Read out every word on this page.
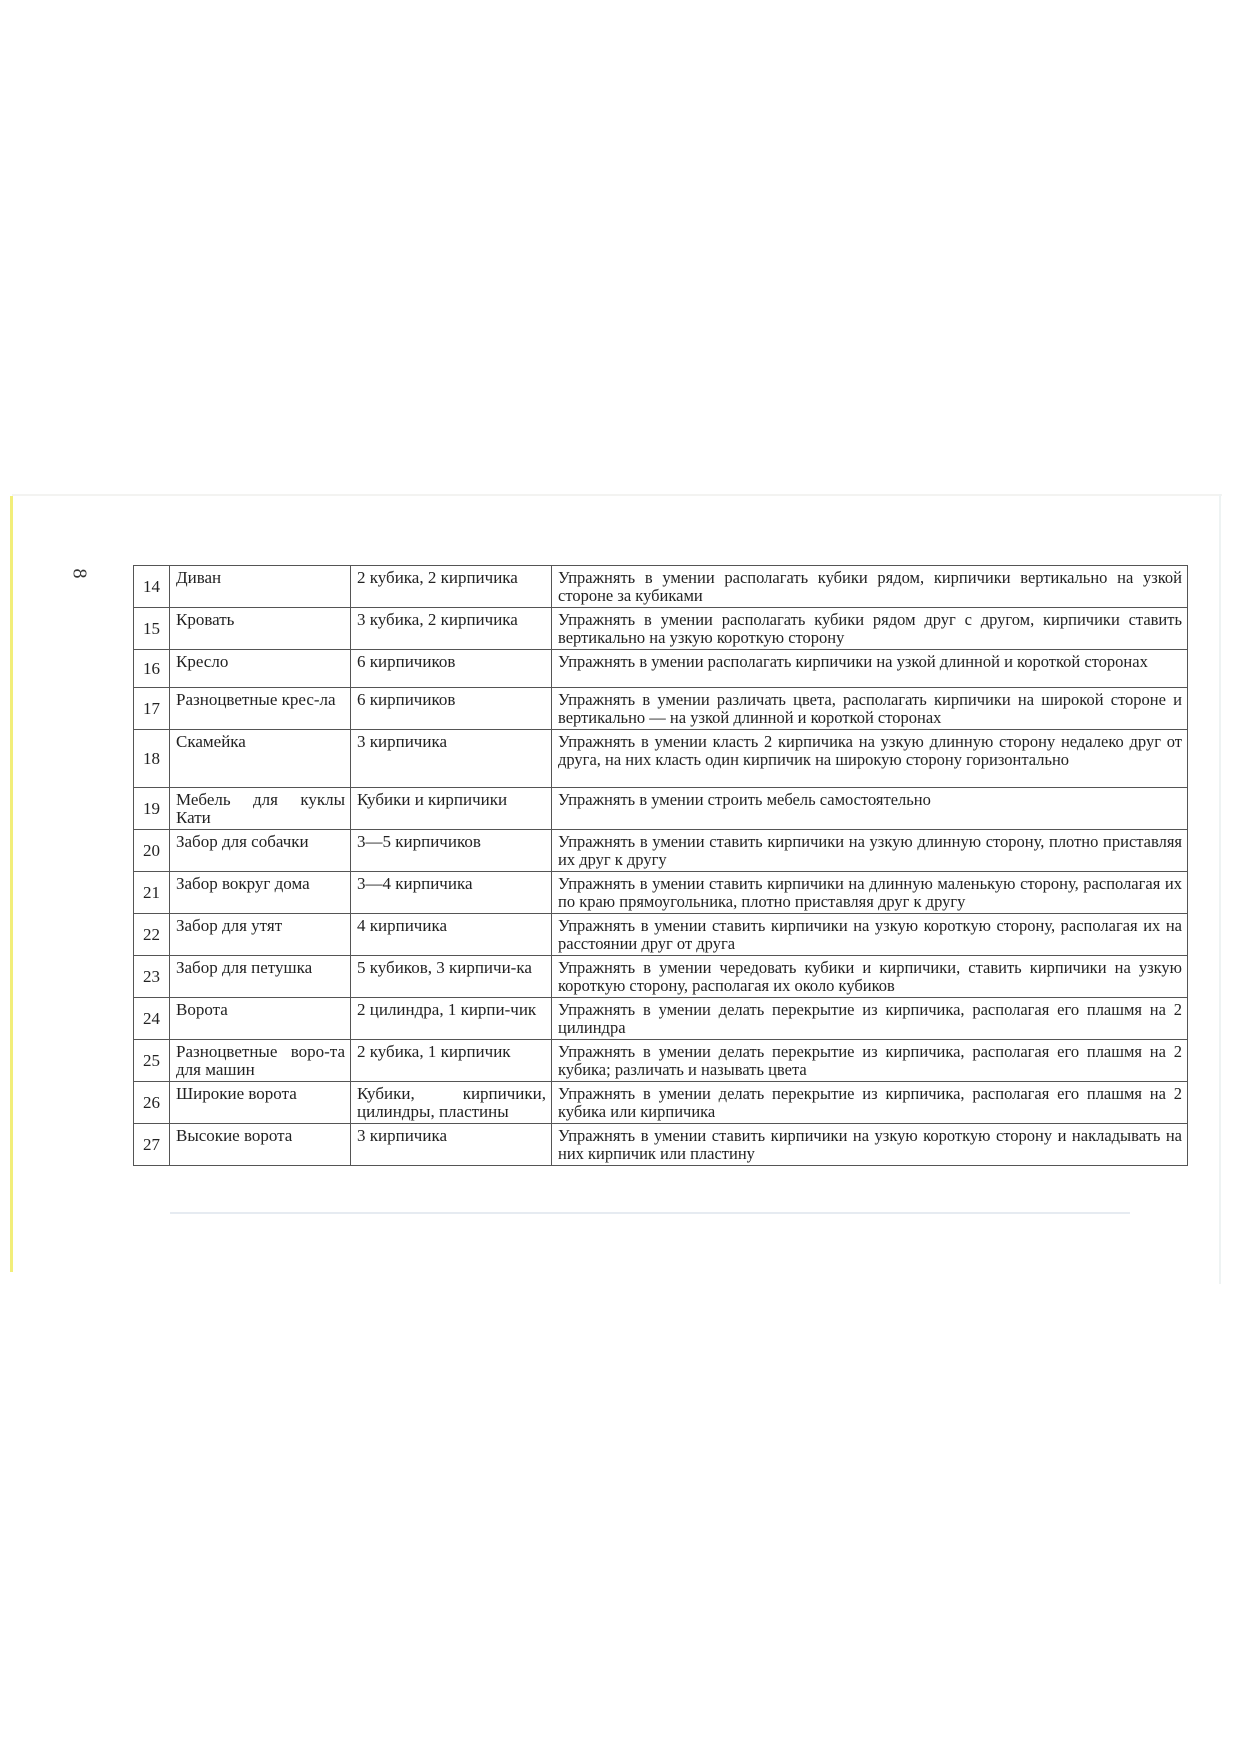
8
14	Диван	2 кубика, 2 кирпичика	Упражнять в умении располагать кубики рядом, кирпичики вертикально на узкой стороне за кубиками
15	Кровать	3 кубика, 2 кирпичика	Упражнять в умении располагать кубики рядом друг с другом, кирпичики ставить вертикально на узкую короткую сторону
16	Кресло	6 кирпичиков	Упражнять в умении располагать кирпичики на узкой длинной и короткой сторонах
17	Разноцветные крес-ла	6 кирпичиков	Упражнять в умении различать цвета, располагать кирпичики на широкой стороне и вертикально — на узкой длинной и короткой сторонах
18	Скамейка	3 кирпичика	Упражнять в умении класть 2 кирпичика на узкую длинную сторону недалеко друг от друга, на них класть один кирпичик на широкую сторону горизонтально
19	Мебель для куклы Кати	Кубики и кирпичики	Упражнять в умении строить мебель самостоятельно
20	Забор для собачки	3—5 кирпичиков	Упражнять в умении ставить кирпичики на узкую длинную сторону, плотно приставляя их друг к другу
21	Забор вокруг дома	3—4 кирпичика	Упражнять в умении ставить кирпичики на длинную маленькую сторону, располагая их по краю прямоугольника, плотно приставляя друг к другу
22	Забор для утят	4 кирпичика	Упражнять в умении ставить кирпичики на узкую короткую сторону, располагая их на расстоянии друг от друга
23	Забор для петушка	5 кубиков, 3 кирпичи-ка	Упражнять в умении чередовать кубики и кирпичики, ставить кирпичики на узкую короткую сторону, располагая их около кубиков
24	Ворота	2 цилиндра, 1 кирпи-чик	Упражнять в умении делать перекрытие из кирпичика, располагая его плашмя на 2 цилиндра
25	Разноцветные воро-та для машин	2 кубика, 1 кирпичик	Упражнять в умении делать перекрытие из кирпичика, располагая его плашмя на 2 кубика; различать и называть цвета
26	Широкие ворота	Кубики, кирпичики, цилиндры, пластины	Упражнять в умении делать перекрытие из кирпичика, располагая его плашмя на 2 кубика или кирпичика
27	Высокие ворота	3 кирпичика	Упражнять в умении ставить кирпичики на узкую короткую сторону и накладывать на них кирпичик или пластину
